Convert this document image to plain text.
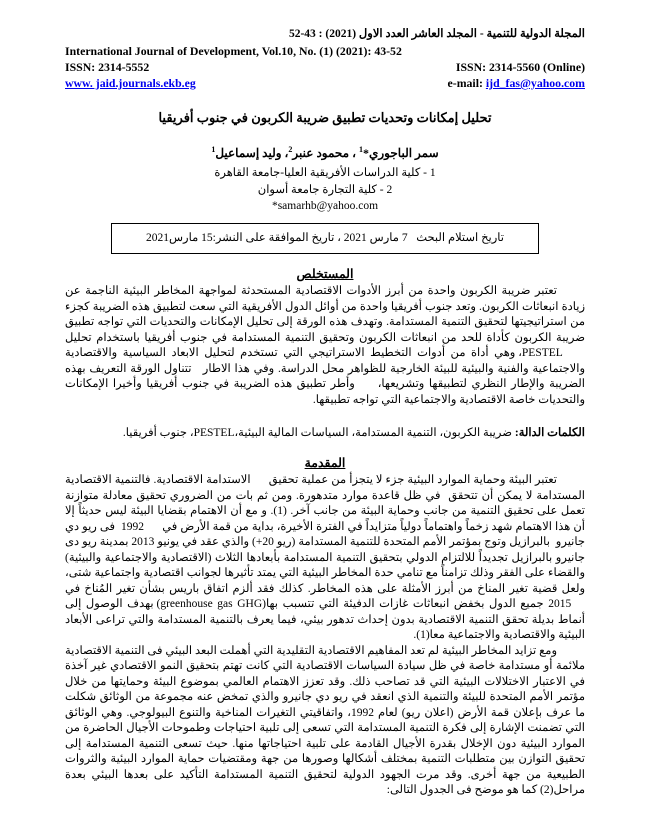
المجلة الدولية للتنمية - المجلد العاشر العدد الاول (2021) : 43-52
International Journal of Development, Vol.10, No. (1) (2021): 43-52
ISSN: 2314-5552	ISSN: 2314-5560 (Online)
www. jaid.journals.ekb.eg	e-mail: ijd_fas@yahoo.com
تحليل إمكانات وتحديات تطبيق ضريبة الكربون في جنوب أفريقيا
سمر الباجوري*$^1$ ، محمود عنبر$^2$، وليد إسماعيل$^1$
1 - كلية الدراسات الأفريقية العليا-جامعة القاهرة
2 - كلية التجارة جامعة أسوان
*samarhb@yahoo.com
تاريخ استلام البحث   7 مارس 2021 ، تاريخ الموافقة على النشر:15 مارس2021
المستخلص

تعتبر ضريبة الكربون واحدة من أبرز الأدوات الاقتصادية المستحدثة لمواجهة المخاطر البيئية الناجمة عن زيادة انبعاثات الكربون. وتعد جنوب أفريقيا واحدة من أوائل الدول الأفريقية التي سعت لتطبيق هذه الضريبة كجزء من استراتيجيتها لتحقيق التنمية المستدامة. وتهدف هذه الورقة إلى تحليل الإمكانات والتحديات التي تواجه تطبيق ضريبة الكربون كأداة للحد من انبعاثات الكربون وتحقيق التنمية المستدامة في جنوب أفريقيا باستخدام تحليل     PESTEL، وهي أداة من أدوات التخطيط الاستراتيجي التي تستخدم لتحليل الابعاد السياسية والاقتصادية والاجتماعية والفنية والبيئية للبيئة الخارجية للظواهر محل الدراسة. وفي هذا الاطار   تتناول الورقة التعريف بهذه الضريبة والإطار النظري لتطبيقها وتشريعها،     وأطر تطبيق هذه الضريبة في جنوب أفريقيا وأخيرا الإمكانات والتحديات خاصة الاقتصادية والاجتماعية التي تواجه تطبيقها.

الكلمات الدالة: ضريبة الكربون، التنمية المستدامة، السياسات المالية البيئية،PESTEL، جنوب أفريقيا.
المقدمة

تعتبر البيئة وحماية الموارد البيئية جزء لا يتجزأ من عملية تحقيق      الاستدامة الاقتصادية. فالتنمية الاقتصادية المستدامة لا يمكن أن تتحقق  في ظل قاعدة موارد متدهورة. ومن ثم بات من الضروري تحقيق معادلة متوازنة تعمل على تحقيق التنمية من جانب وحماية البيئة من جانب آخر. (1). و مع أن الاهتمام بقضايا البيئة ليس حديثاً إلا أن هذا الاهتمام شهد زخماً واهتماماً دولياً متزايداً في الفترة الأخيرة، بداية من قمة الأرض في      1992  فى ريو دي جانيرو  بالبرازيل وتوج بمؤتمر الأمم المتحدة للتنمية المستدامة (ريو 20+) والذي عقد في يونيو 2013 بمدينة ريو دى جانيرو بالبرازيل تجديداً للالتزام الدولي بتحقيق التنمية المستدامة بأبعادها الثلاث (الاقتصادية والاجتماعية والبيئية) والقضاء على الفقر وذلك تزامناً مع تنامي حدة المخاطر البيئية التي يمتد تأثيرها لجوانب اقتصادية واجتماعية شتى، ولعل قضية تغير المناخ من أبرز الأمثلة على هذه المخاطر. كذلك فقد ألزم اتفاق باريس بشأن تغير المُناخ في    2015 جميع الدول بخفض انبعاثات غازات الدفيئة التي تتسبب بها(greenhouse gas GHG) بهدف الوصول إلى أنماط بديلة تحقق التنمية الاقتصادية بدون إحداث تدهور بيئي، فيما يعرف بالتنمية المستدامة والتي تراعى الأبعاد البيئية والاقتصادية والاجتماعية معا(1).

ومع تزايد المخاطر البيئية لم تعد المفاهيم الاقتصادية التقليدية التي أهملت البعد البيئي فى التنمية الاقتصادية ملائمة أو مستدامة خاصة في ظل سيادة السياسات الاقتصادية التي كانت تهتم بتحقيق النمو الاقتصادي غير آخذة في الاعتبار الاختلالات البيئية التي قد تصاحب ذلك. وقد تعزز الاهتمام العالمي بموضوع البيئة وحمايتها من خلال مؤتمر الأمم المتحدة للبيئة والتنمية الذي انعقد في ريو دي جانيرو والذي تمخض عنه مجموعة من الوثائق شكلت ما عرف بإعلان قمة الأرض (اعلان ريو) لعام 1992، واتفاقيتي التغيرات المناخية والتنوع البيولوجي. وهي الوثائق التي تضمنت الإشارة إلى فكرة التنمية المستدامة التي تسعى إلى تلبية احتياجات وطموحات الأجيال الحاضرة من الموارد البيئية دون الإخلال بقدرة الأجيال القادمة على تلبية احتياجاتها منها. حيث تسعى التنمية المستدامة إلى تحقيق التوازن بين متطلبات التنمية بمختلف أشكالها وصورها من جهة ومقتضيات حماية الموارد البيئية والثروات الطبيعية من جهة أخرى. وقد مرت الجهود الدولية لتحقيق التنمية المستدامة التأكيد على بعدها البيئي بعدة مراحل(2) كما هو موضح فى الجدول التالى:
